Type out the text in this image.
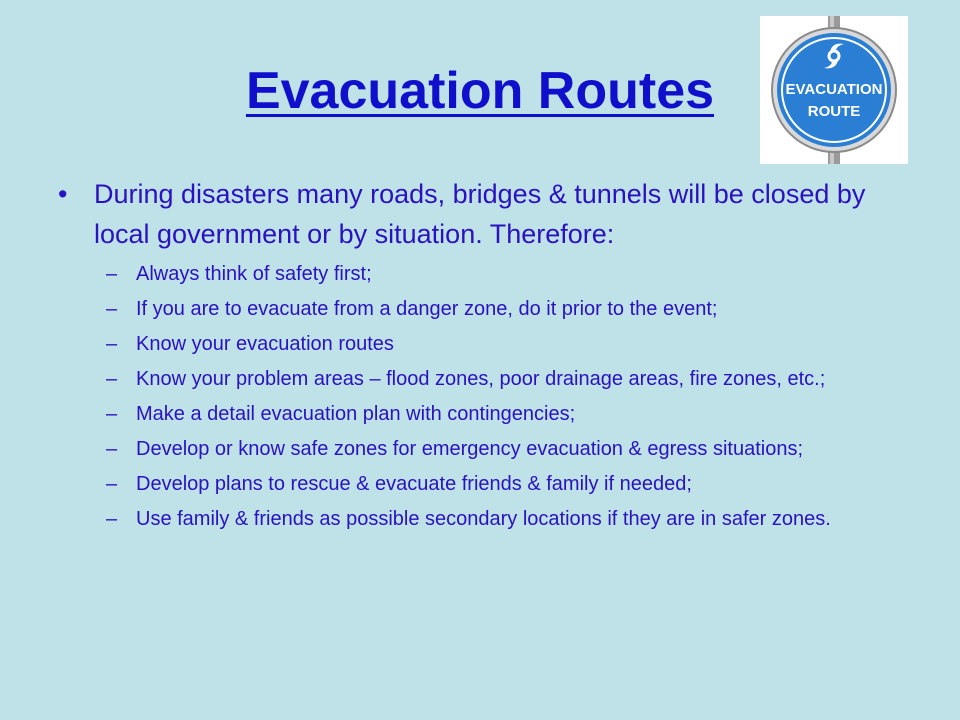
Evacuation Routes	EVACUATION
ROUTE
• During disasters many roads, bridges & tunnels will be closed by local government or by situation. Therefore:
– Always think of safety first;
– If you are to evacuate from a danger zone, do it prior to the event;
– Know your evacuation routes
– Know your problem areas – flood zones, poor drainage areas, fire zones, etc.;
– Make a detail evacuation plan with contingencies;
– Develop or know safe zones for emergency evacuation & egress situations;
– Develop plans to rescue & evacuate friends & family if needed;
– Use family & friends as possible secondary locations if they are in safer zones.
